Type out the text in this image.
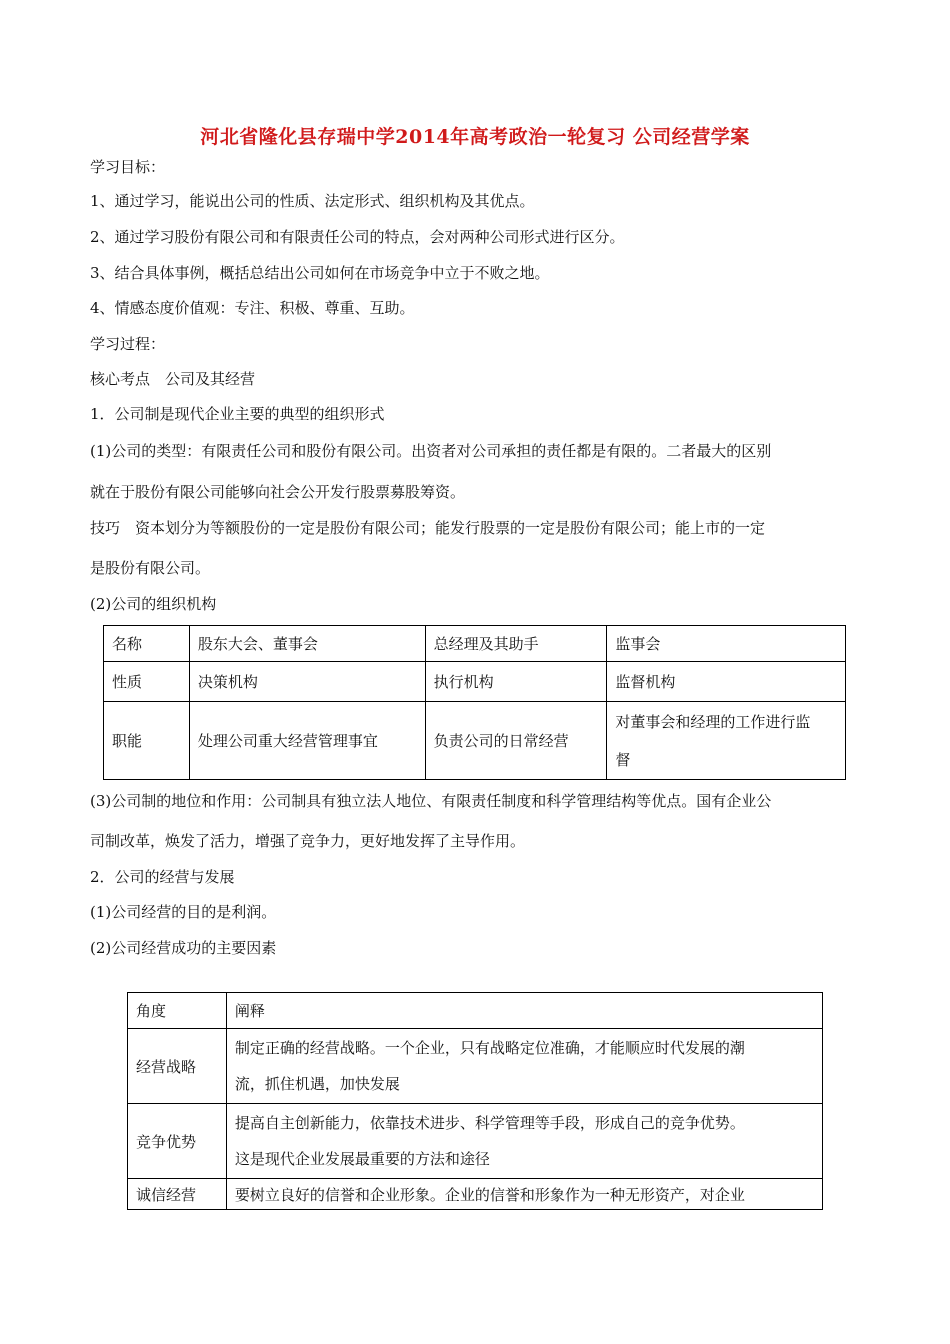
河北省隆化县存瑞中学2014年高考政治一轮复习 公司经营学案
学习目标：
1、通过学习，能说出公司的性质、法定形式、组织机构及其优点。
2、通过学习股份有限公司和有限责任公司的特点，会对两种公司形式进行区分。
3、结合具体事例，概括总结出公司如何在市场竞争中立于不败之地。
4、情感态度价值观：专注、积极、尊重、互助。
学习过程：
核心考点　公司及其经营
1．公司制是现代企业主要的典型的组织形式
(1)公司的类型：有限责任公司和股份有限公司。出资者对公司承担的责任都是有限的。二者最大的区别
就在于股份有限公司能够向社会公开发行股票募股筹资。
技巧　资本划分为等额股份的一定是股份有限公司；能发行股票的一定是股份有限公司；能上市的一定
是股份有限公司。
(2)公司的组织机构
名称	股东大会、董事会	总经理及其助手	监事会
性质	决策机构	执行机构	监督机构
职能	处理公司重大经营管理事宜	负责公司的日常经营	对董事会和经理的工作进行监
督
(3)公司制的地位和作用：公司制具有独立法人地位、有限责任制度和科学管理结构等优点。国有企业公
司制改革，焕发了活力，增强了竞争力，更好地发挥了主导作用。
2．公司的经营与发展
(1)公司经营的目的是利润。
(2)公司经营成功的主要因素
角度	阐释
经营战略	制定正确的经营战略。一个企业，只有战略定位准确，才能顺应时代发展的潮
流，抓住机遇，加快发展

竞争优势	提高自主创新能力，依靠技术进步、科学管理等手段，形成自己的竞争优势。
这是现代企业发展最重要的方法和途径

诚信经营	要树立良好的信誉和企业形象。企业的信誉和形象作为一种无形资产，对企业
